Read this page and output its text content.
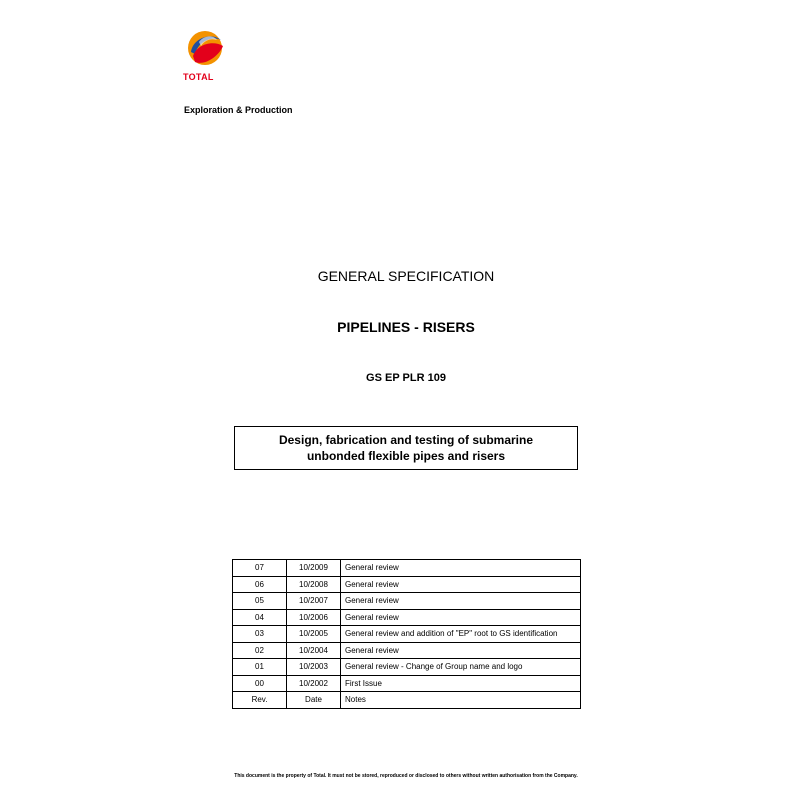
TOTAL
Exploration & Production
GENERAL SPECIFICATION
PIPELINES - RISERS
GS EP PLR 109
Design, fabrication and testing of submarine
unbonded flexible pipes and risers
07	10/2009	General review
06	10/2008	General review
05	10/2007	General review
04	10/2006	General review
03	10/2005	General review and addition of "EP" root to GS identification
02	10/2004	General review
01	10/2003	General review - Change of Group name and logo
00	10/2002	First Issue
Rev.	Date	Notes
This document is the property of Total. It must not be stored, reproduced or disclosed to others without written authorisation from the Company.
